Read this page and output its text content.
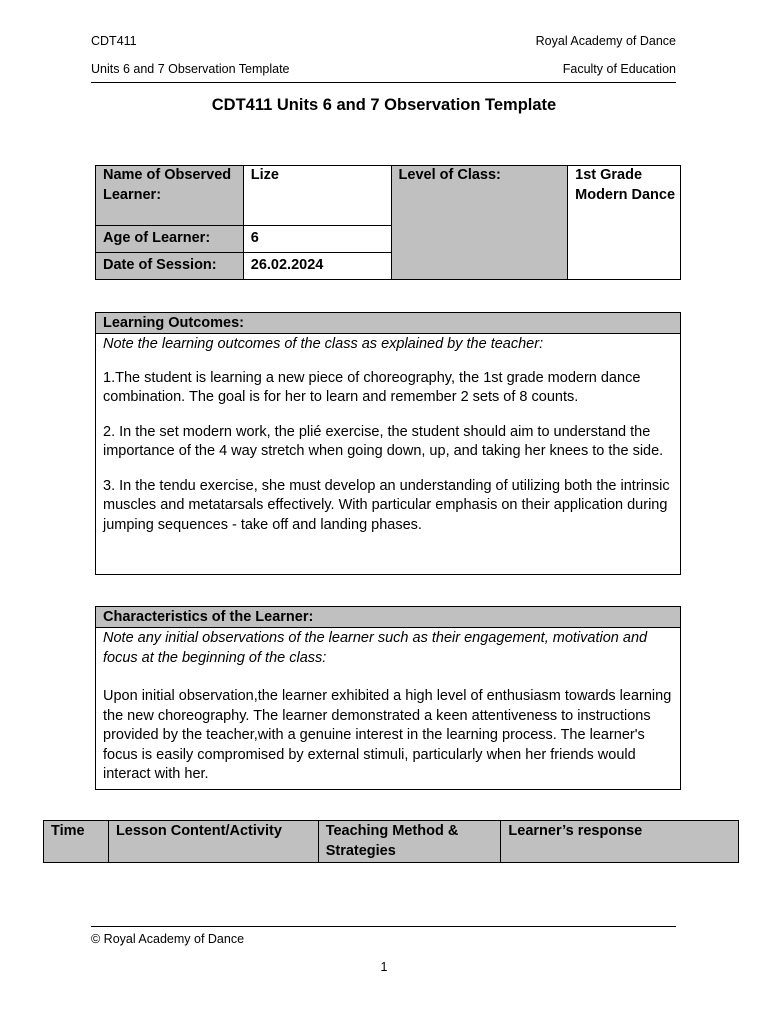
CDT411	Royal Academy of Dance
Units 6 and 7 Observation Template	Faculty of Education
CDT411 Units 6 and 7 Observation Template
Name of Observed Learner:	Lize	Level of Class:	1st Grade Modern Dance
Age of Learner:	6		
Date of Session:	26.02.2024		
Learning Outcomes:

Note the learning outcomes of the class as explained by the teacher:

1.The student is learning a new piece of choreography, the 1st grade modern dance combination. The goal is for her to learn and remember 2 sets of 8 counts.

2. In the set modern work, the plié exercise, the student should aim to understand the importance of the 4 way stretch when going down, up, and taking her knees to the side.

3. In the tendu exercise, she must develop an understanding of utilizing both the intrinsic muscles and metatarsals effectively. With particular emphasis on their application during jumping sequences - take off and landing phases.

Characteristics of the Learner:

Note any initial observations of the learner such as their engagement, motivation and focus at the beginning of the class:

Upon initial observation,the learner exhibited a high level of enthusiasm towards learning the new choreography. The learner demonstrated a keen attentiveness to instructions provided by the teacher,with a genuine interest in the learning process. The learner's focus is easily compromised by external stimuli, particularly when her friends would interact with her.

Time	Lesson Content/Activity	Teaching Method & Strategies	Learner’s response
© Royal Academy of Dance
1
